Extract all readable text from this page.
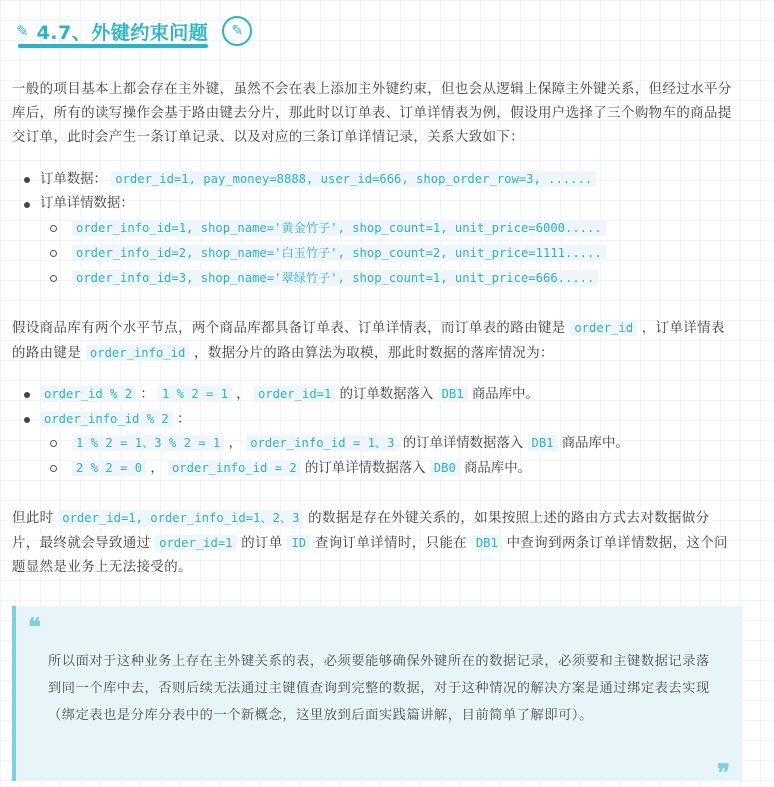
✎ 4.7、外键约束问题	✎
一般的项目基本上都会存在主外键，虽然不会在表上添加主外键约束，但也会从逻辑上保障主外键关系，但经过水平分库后，所有的读写操作会基于路由键去分片，那此时以订单表、订单详情表为例，假设用户选择了三个购物车的商品提交订单，此时会产生一条订单记录、以及对应的三条订单详情记录，关系大致如下：
订单数据： order_id=1, pay_money=8888, user_id=666, shop_order_row=3, ......
订单详情数据：
order_info_id=1, shop_name='黄金竹子', shop_count=1, unit_price=6000.....
order_info_id=2, shop_name='白玉竹子', shop_count=2, unit_price=1111.....
order_info_id=3, shop_name='翠绿竹子', shop_count=1, unit_price=666.....
假设商品库有两个水平节点，两个商品库都具备订单表、订单详情表，而订单表的路由键是 order_id ，订单详情表的路由键是 order_info_id ，数据分片的路由算法为取模，那此时数据的落库情况为：
order_id % 2 ： 1 % 2 = 1 ， order_id=1 的订单数据落入 DB1 商品库中。
order_info_id % 2 ：
1 % 2 = 1、3 % 2 = 1 ， order_info_id = 1、3 的订单详情数据落入 DB1 商品库中。
2 % 2 = 0 ， order_info_id = 2 的订单详情数据落入 DB0 商品库中。
但此时 order_id=1, order_info_id=1、2、3 的数据是存在外键关系的，如果按照上述的路由方式去对数据做分片，最终就会导致通过 order_id=1 的订单 ID 查询订单详情时，只能在 DB1 中查询到两条订单详情数据，这个问题显然是业务上无法接受的。
❝
所以面对于这种业务上存在主外键关系的表，必须要能够确保外键所在的数据记录，必须要和主键数据记录落到同一个库中去，否则后续无法通过主键值查询到完整的数据，对于这种情况的解决方案是通过绑定表去实现（绑定表也是分库分表中的一个新概念，这里放到后面实践篇讲解，目前简单了解即可）。
❞
